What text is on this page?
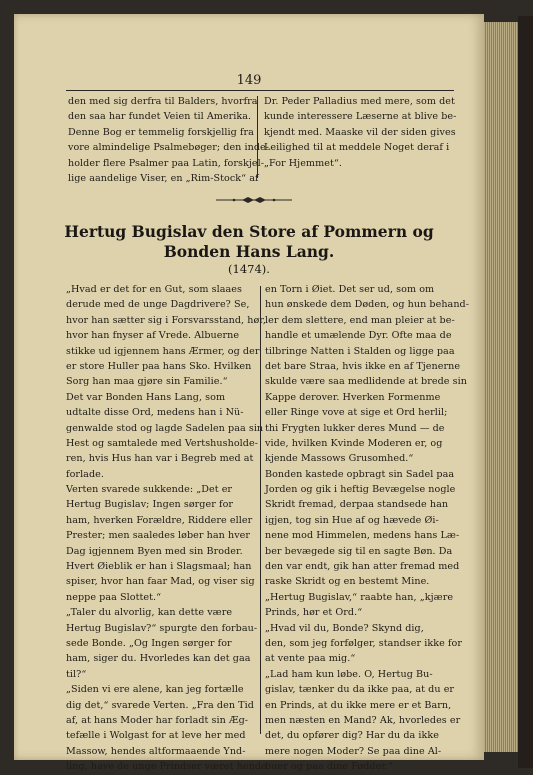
149
den med sig derfra til Balders, hvorfra
den saa har fundet Veien til Amerika.
Denne Bog er temmelig forskjellig fra
vore almindelige Psalmebøger; den inde-
holder flere Psalmer paa Latin, forskjel-
lige aandelige Viser, en „Rim-Stock“ af
Dr. Peder Palladius med mere, som det
kunde interessere Læserne at blive be-
kjendt med. Maaske vil der siden gives
Leilighed til at meddele Noget deraf i
„For Hjemmet“.
Hertug Bugislav den Store af Pommern og
Bonden Hans Lang.
(1474).
„Hvad er det for en Gut, som slaaes
derude med de unge Dagdrivere? Se,
hvor han sætter sig i Forsvarsstand, hør,
hvor han fnyser af Vrede. Albuerne
stikke ud igjennem hans Ærmer, og der
er store Huller paa hans Sko. Hvilken
Sorg han maa gjøre sin Familie.“
Det var Bonden Hans Lang, som
udtalte disse Ord, medens han i Nü-
genwalde stod og lagde Sadelen paa sin
Hest og samtalede med Vertshusholde-
ren, hvis Hus han var i Begreb med at
forlade.
Verten svarede sukkende: „Det er
Hertug Bugislav; Ingen sørger for
ham, hverken Forældre, Riddere eller
Prester; men saaledes løber han hver
Dag igjennem Byen med sin Broder.
Hvert Øieblik er han i Slagsmaal; han
spiser, hvor han faar Mad, og viser sig
neppe paa Slottet.“
„Taler du alvorlig, kan dette være
Hertug Bugislav?“ spurgte den forbau-
sede Bonde. „Og Ingen sørger for
ham, siger du. Hvorledes kan det gaa
til?“
„Siden vi ere alene, kan jeg fortælle
dig det,“ svarede Verten. „Fra den Tid
af, at hans Moder har forladt sin Æg-
tefælle i Wolgast for at leve her med
Massow, hendes altformaaende Ynd-
ling, have de unge Prindser været hende
en Torn i Øiet. Det ser ud, som om
hun ønskede dem Døden, og hun behand-
ler dem slettere, end man pleier at be-
handle et umælende Dyr. Ofte maa de
tilbringe Natten i Stalden og ligge paa
det bare Straa, hvis ikke en af Tjenerne
skulde være saa medlidende at brede sin
Kappe derover. Hverken Formenme
eller Ringe vove at sige et Ord herlil;
thi Frygten lukker deres Mund — de
vide, hvilken Kvinde Moderen er, og
kjende Massows Grusomhed.“
Bonden kastede opbragt sin Sadel paa
Jorden og gik i heftig Bevægelse nogle
Skridt fremad, derpaa standsede han
igjen, tog sin Hue af og hævede Øi-
nene mod Himmelen, medens hans Læ-
ber bevægede sig til en sagte Bøn. Da
den var endt, gik han atter fremad med
raske Skridt og en bestemt Mine.
„Hertug Bugislav,“ raabte han, „kjære
Prinds, hør et Ord.“
„Hvad vil du, Bonde? Skynd dig,
den, som jeg forfølger, standser ikke for
at vente paa mig.“
„Lad ham kun løbe. O, Hertug Bu-
gislav, tænker du da ikke paa, at du er
en Prinds, at du ikke mere er et Barn,
men næsten en Mand? Ak, hvorledes er
det, du opfører dig? Har du da ikke
mere nogen Moder? Se paa dine Al-
buer og paa dine Fødder.“
